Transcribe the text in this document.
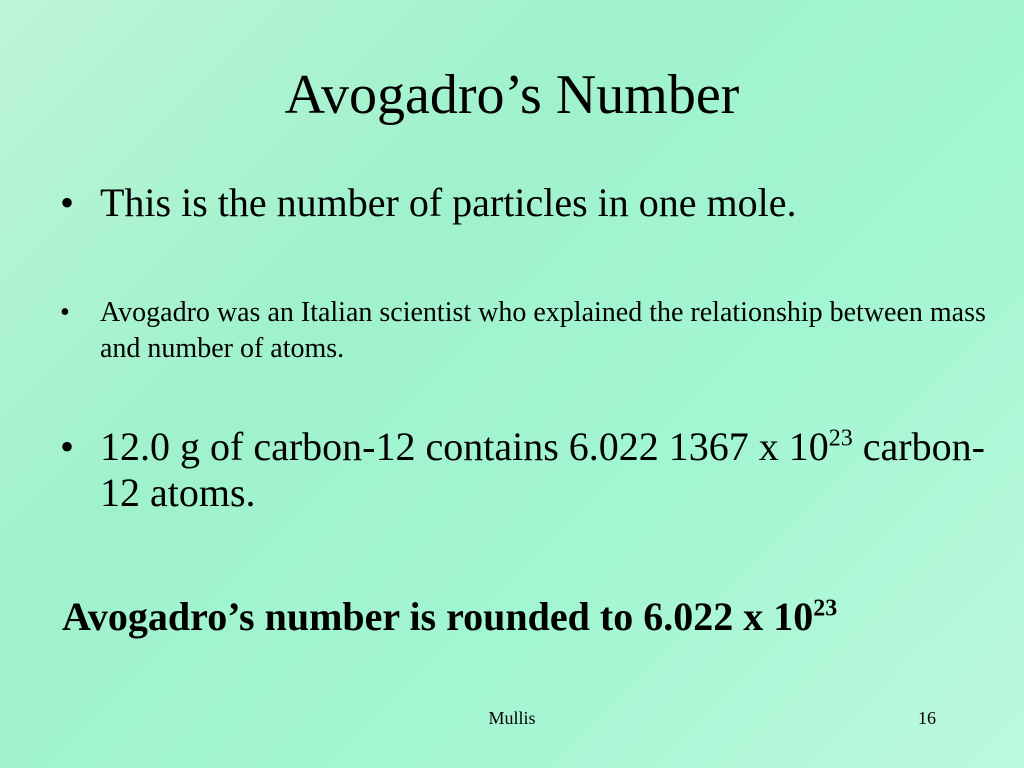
Avogadro’s Number
• This is the number of particles in one mole.
•	Avogadro was an Italian scientist who explained the relationship between mass and number of atoms.
• 12.0 g of carbon-12 contains 6.022 1367 x $10^{23}$ carbon-12 atoms.
Avogadro’s number is rounded to 6.022 x $10^{23}$
Mullis	16
